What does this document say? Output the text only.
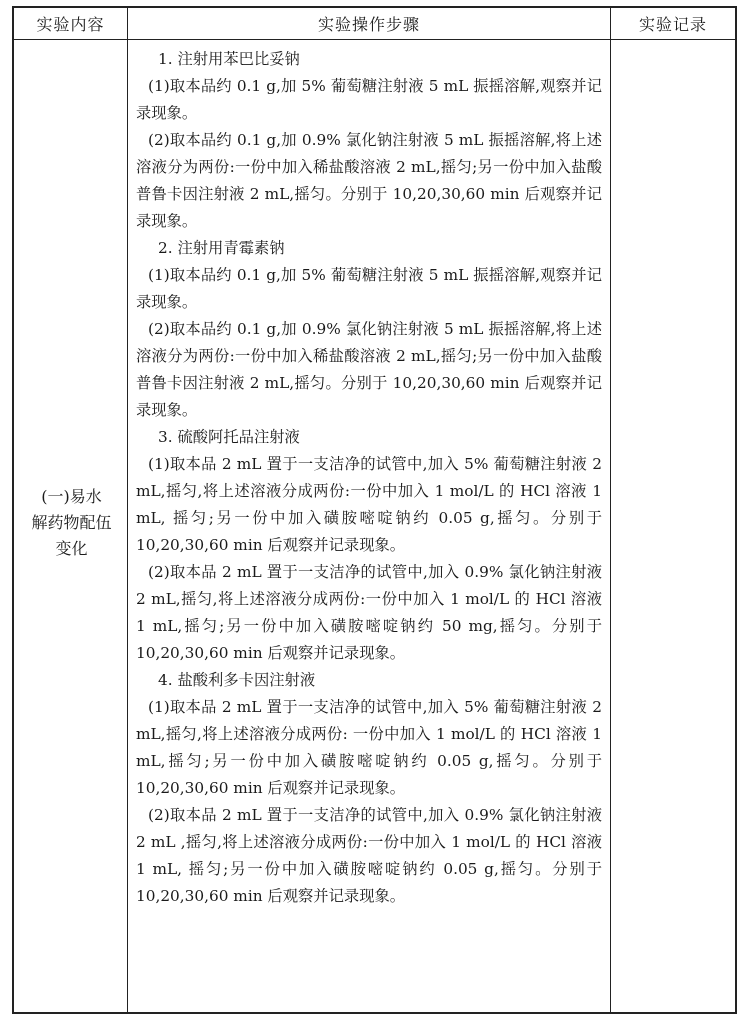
实验内容	实验操作步骤	实验记录
(一)易水
解药物配伍
变化
1. 注射用苯巴比妥钠
(1)取本品约 0.1 g,加 5% 葡萄糖注射液 5 mL 振摇溶解,观察并记录现象。
(2)取本品约 0.1 g,加 0.9% 氯化钠注射液 5 mL 振摇溶解,将上述溶液分为两份:一份中加入稀盐酸溶液 2 mL,摇匀;另一份中加入盐酸普鲁卡因注射液 2 mL,摇匀。分别于 10,20,30,60 min 后观察并记录现象。
2. 注射用青霉素钠
(1)取本品约 0.1 g,加 5% 葡萄糖注射液 5 mL 振摇溶解,观察并记录现象。
(2)取本品约 0.1 g,加 0.9% 氯化钠注射液 5 mL 振摇溶解,将上述溶液分为两份:一份中加入稀盐酸溶液 2 mL,摇匀;另一份中加入盐酸普鲁卡因注射液 2 mL,摇匀。分别于 10,20,30,60 min 后观察并记录现象。
3. 硫酸阿托品注射液
(1)取本品 2 mL 置于一支洁净的试管中,加入 5% 葡萄糖注射液 2 mL,摇匀,将上述溶液分成两份:一份中加入 1 mol/L 的 HCl 溶液 1 mL, 摇匀;另一份中加入磺胺嘧啶钠约 0.05 g,摇匀。分别于 10,20,30,60 min 后观察并记录现象。
(2)取本品 2 mL 置于一支洁净的试管中,加入 0.9% 氯化钠注射液 2 mL,摇匀,将上述溶液分成两份:一份中加入 1 mol/L 的 HCl 溶液 1 mL,摇匀;另一份中加入磺胺嘧啶钠约 50 mg,摇匀。分别于 10,20,30,60 min 后观察并记录现象。
4. 盐酸利多卡因注射液
(1)取本品 2 mL 置于一支洁净的试管中,加入 5% 葡萄糖注射液 2 mL,摇匀,将上述溶液分成两份: 一份中加入 1 mol/L 的 HCl 溶液 1 mL,摇匀;另一份中加入磺胺嘧啶钠约 0.05 g,摇匀。分别于 10,20,30,60 min 后观察并记录现象。
(2)取本品 2 mL 置于一支洁净的试管中,加入 0.9% 氯化钠注射液 2 mL ,摇匀,将上述溶液分成两份:一份中加入 1 mol/L 的 HCl 溶液 1 mL, 摇匀;另一份中加入磺胺嘧啶钠约 0.05 g,摇匀。分别于 10,20,30,60 min 后观察并记录现象。
